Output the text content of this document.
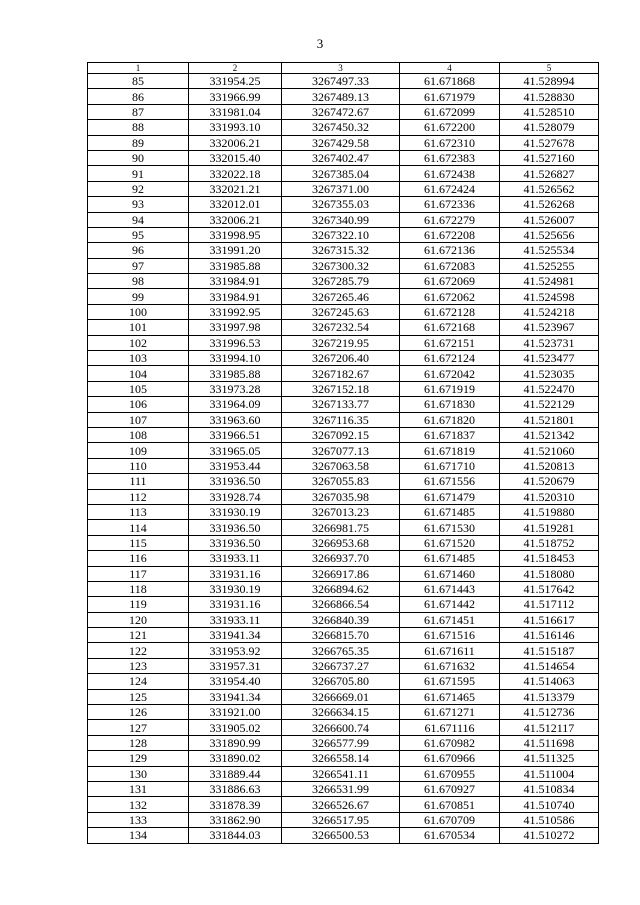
3
1	2	3	4	5
85	331954.25	3267497.33	61.671868	41.528994
86	331966.99	3267489.13	61.671979	41.528830
87	331981.04	3267472.67	61.672099	41.528510
88	331993.10	3267450.32	61.672200	41.528079
89	332006.21	3267429.58	61.672310	41.527678
90	332015.40	3267402.47	61.672383	41.527160
91	332022.18	3267385.04	61.672438	41.526827
92	332021.21	3267371.00	61.672424	41.526562
93	332012.01	3267355.03	61.672336	41.526268
94	332006.21	3267340.99	61.672279	41.526007
95	331998.95	3267322.10	61.672208	41.525656
96	331991.20	3267315.32	61.672136	41.525534
97	331985.88	3267300.32	61.672083	41.525255
98	331984.91	3267285.79	61.672069	41.524981
99	331984.91	3267265.46	61.672062	41.524598
100	331992.95	3267245.63	61.672128	41.524218
101	331997.98	3267232.54	61.672168	41.523967
102	331996.53	3267219.95	61.672151	41.523731
103	331994.10	3267206.40	61.672124	41.523477
104	331985.88	3267182.67	61.672042	41.523035
105	331973.28	3267152.18	61.671919	41.522470
106	331964.09	3267133.77	61.671830	41.522129
107	331963.60	3267116.35	61.671820	41.521801
108	331966.51	3267092.15	61.671837	41.521342
109	331965.05	3267077.13	61.671819	41.521060
110	331953.44	3267063.58	61.671710	41.520813
111	331936.50	3267055.83	61.671556	41.520679
112	331928.74	3267035.98	61.671479	41.520310
113	331930.19	3267013.23	61.671485	41.519880
114	331936.50	3266981.75	61.671530	41.519281
115	331936.50	3266953.68	61.671520	41.518752
116	331933.11	3266937.70	61.671485	41.518453
117	331931.16	3266917.86	61.671460	41.518080
118	331930.19	3266894.62	61.671443	41.517642
119	331931.16	3266866.54	61.671442	41.517112
120	331933.11	3266840.39	61.671451	41.516617
121	331941.34	3266815.70	61.671516	41.516146
122	331953.92	3266765.35	61.671611	41.515187
123	331957.31	3266737.27	61.671632	41.514654
124	331954.40	3266705.80	61.671595	41.514063
125	331941.34	3266669.01	61.671465	41.513379
126	331921.00	3266634.15	61.671271	41.512736
127	331905.02	3266600.74	61.671116	41.512117
128	331890.99	3266577.99	61.670982	41.511698
129	331890.02	3266558.14	61.670966	41.511325
130	331889.44	3266541.11	61.670955	41.511004
131	331886.63	3266531.99	61.670927	41.510834
132	331878.39	3266526.67	61.670851	41.510740
133	331862.90	3266517.95	61.670709	41.510586
134	331844.03	3266500.53	61.670534	41.510272
